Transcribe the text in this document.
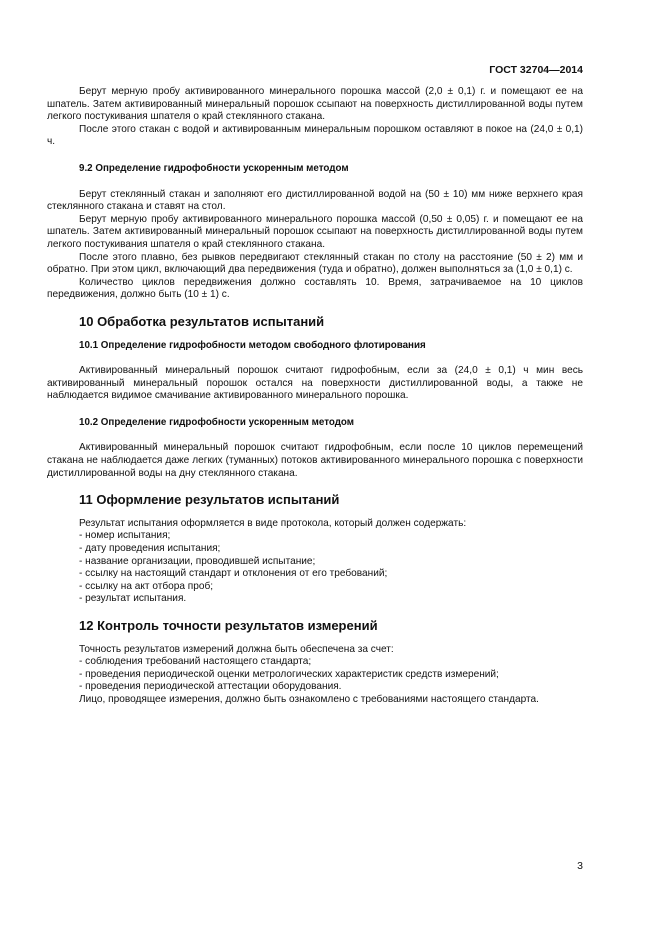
ГОСТ 32704—2014

Берут мерную пробу активированного минерального порошка массой (2,0 ± 0,1) г. и помещают ее на шпатель. Затем активированный минеральный порошок ссыпают на поверхность дистиллированной воды путем легкого постукивания шпателя о край стеклянного стакана.

После этого стакан с водой и активированным минеральным порошком оставляют в покое на (24,0 ± 0,1) ч.

9.2 Определение гидрофобности ускоренным методом

Берут стеклянный стакан и заполняют его дистиллированной водой на (50 ± 10) мм ниже верхнего края стеклянного стакана и ставят на стол.

Берут мерную пробу активированного минерального порошка массой (0,50 ± 0,05) г. и помещают ее на шпатель. Затем активированный минеральный порошок ссыпают на поверхность дистиллированной воды путем легкого постукивания шпателя о край стеклянного стакана.

После этого плавно, без рывков передвигают стеклянный стакан по столу на расстояние (50 ± 2) мм и обратно. При этом цикл, включающий два передвижения (туда и обратно), должен выполняться за (1,0 ± 0,1) с.

Количество циклов передвижения должно составлять 10. Время, затрачиваемое на 10 циклов передвижения, должно быть (10 ± 1) с.

10 Обработка результатов испытаний
10.1 Определение гидрофобности методом свободного флотирования

Активированный минеральный порошок считают гидрофобным, если за (24,0 ± 0,1) ч мин весь активированный минеральный порошок остался на поверхности дистиллированной воды, а также не наблюдается видимое смачивание активированного минерального порошка.

10.2 Определение гидрофобности ускоренным методом

Активированный минеральный порошок считают гидрофобным, если после 10 циклов перемещений стакана не наблюдается даже легких (туманных) потоков активированного минерального порошка с поверхности дистиллированной воды на дну стеклянного стакана.

11 Оформление результатов испытаний

Результат испытания оформляется в виде протокола, который должен содержать:

- номер испытания;
- дату проведения испытания;
- название организации, проводившей испытание;
- ссылку на настоящий стандарт и отклонения от его требований;
- ссылку на акт отбора проб;
- результат испытания.
12 Контроль точности результатов измерений

Точность результатов измерений должна быть обеспечена за счет:

- соблюдения требований настоящего стандарта;
- проведения периодической оценки метрологических характеристик средств измерений;
- проведения периодической аттестации оборудования.

Лицо, проводящее измерения, должно быть ознакомлено с требованиями настоящего стандарта.

3
